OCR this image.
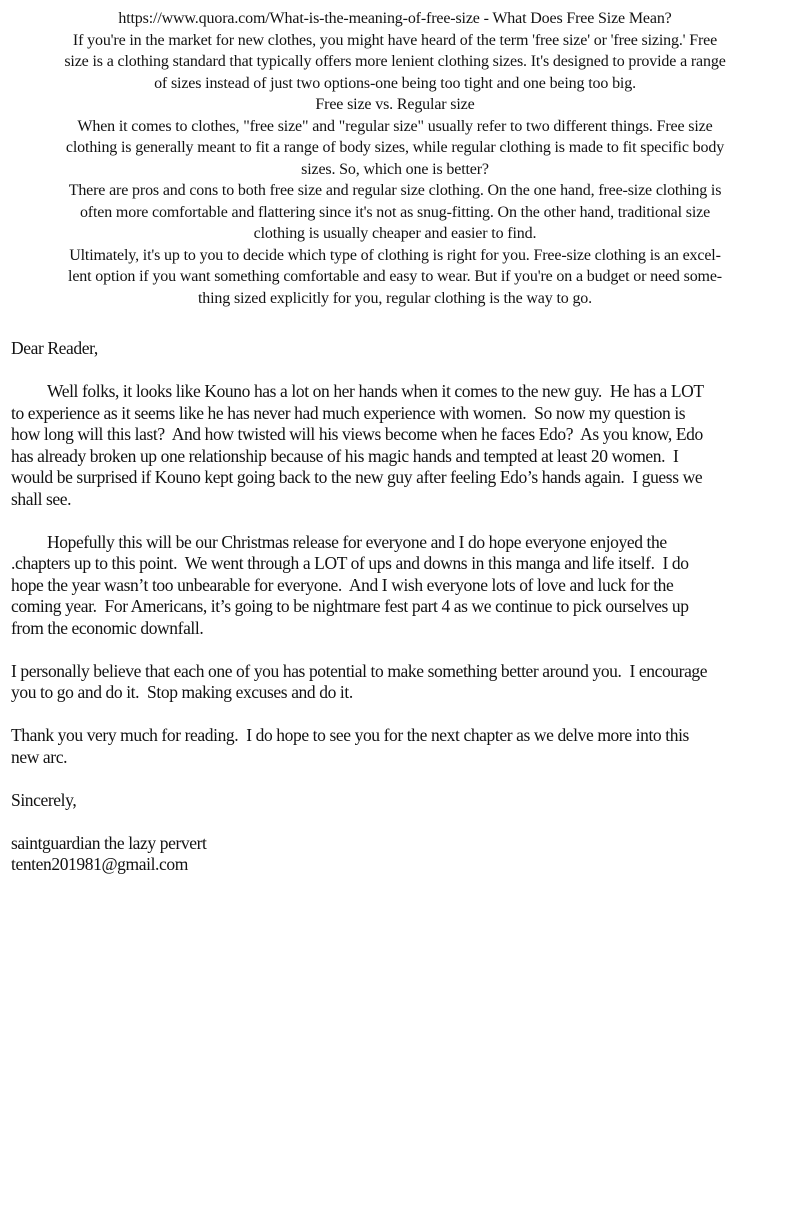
https://www.quora.com/What-is-the-meaning-of-free-size - What Does Free Size Mean?
If you're in the market for new clothes, you might have heard of the term 'free size' or 'free sizing.' Free
size is a clothing standard that typically offers more lenient clothing sizes. It's designed to provide a range
of sizes instead of just two options-one being too tight and one being too big.
Free size vs. Regular size
When it comes to clothes, "free size" and "regular size" usually refer to two different things. Free size
clothing is generally meant to fit a range of body sizes, while regular clothing is made to fit specific body
sizes. So, which one is better?
There are pros and cons to both free size and regular size clothing. On the one hand, free-size clothing is
often more comfortable and flattering since it's not as snug-fitting. On the other hand, traditional size
clothing is usually cheaper and easier to find.
Ultimately, it's up to you to decide which type of clothing is right for you. Free-size clothing is an excel-
lent option if you want something comfortable and easy to wear. But if you're on a budget or need some-
thing sized explicitly for you, regular clothing is the way to go.
Dear Reader,
Well folks, it looks like Kouno has a lot on her hands when it comes to the new guy.  He has a LOT
to experience as it seems like he has never had much experience with women.  So now my question is
how long will this last?  And how twisted will his views become when he faces Edo?  As you know, Edo
has already broken up one relationship because of his magic hands and tempted at least 20 women.  I
would be surprised if Kouno kept going back to the new guy after feeling Edo’s hands again.  I guess we
shall see.
Hopefully this will be our Christmas release for everyone and I do hope everyone enjoyed the
.chapters up to this point.  We went through a LOT of ups and downs in this manga and life itself.  I do
hope the year wasn’t too unbearable for everyone.  And I wish everyone lots of love and luck for the
coming year.  For Americans, it’s going to be nightmare fest part 4 as we continue to pick ourselves up
from the economic downfall.
I personally believe that each one of you has potential to make something better around you.  I encourage
you to go and do it.  Stop making excuses and do it.
Thank you very much for reading.  I do hope to see you for the next chapter as we delve more into this
new arc.
Sincerely,
saintguardian the lazy pervert
tenten201981@gmail.com
